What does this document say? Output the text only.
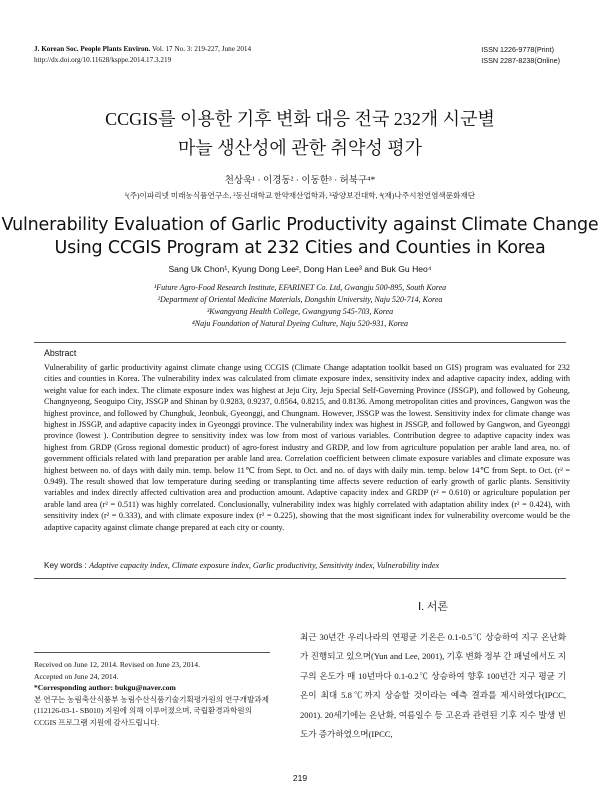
J. Korean Soc. People Plants Environ. Vol. 17 No. 3: 219-227, June 2014
http://dx.doi.org/10.11628/ksppe.2014.17.3.219
ISSN 1226-9778(Print)
ISSN 2287-8238(Online)
CCGIS를 이용한 기후 변화 대응 전국 232개 시군별
마늘 생산성에 관한 취약성 평가
천상욱¹ · 이경동² · 이동한³ · 허북구⁴*
¹(주)이파리넷 미래농식품연구소, ²동신대학교 한약재산업학과, ³광양보건대학, ⁴(재)나주시천연염색문화재단
Vulnerability Evaluation of Garlic Productivity against Climate Change
Using CCGIS Program at 232 Cities and Counties in Korea
Sang Uk Chon¹, Kyung Dong Lee², Dong Han Lee³ and Buk Gu Heo⁴
¹Future Agro-Food Research Institute, EFARINET Co. Ltd, Gwangju 500-895, South Korea
²Department of Oriental Medicine Materials, Dongshin University, Naju 520-714, Korea
³Kwangyang Health College, Gwangyang 545-703, Korea
⁴Naju Foundation of Natural Dyeing Culture, Naju 520-931, Korea
Abstract
Vulnerability of garlic productivity against climate change using CCGIS (Climate Change adaptation toolkit based on GIS) program was evaluated for 232 cities and counties in Korea. The vulnerability index was calculated from climate exposure index, sensitivity index and adaptive capacity index, adding with weight value for each index. The climate exposure index was highest at Jeju City, Jeju Special Self-Governing Province (JSSGP), and followed by Goheung, Changnyeong, Seoguipo City, JSSGP and Shinan by 0.9283, 0.9237, 0.8564, 0.8215, and 0.8136. Among metropolitan cities and provinces, Gangwon was the highest province, and followed by Chungbuk, Jeonbuk, Gyeonggi, and Chungnam. However, JSSGP was the lowest. Sensitivity index for climate change was highest in JSSGP, and adaptive capacity index in Gyeonggi province. The vulnerability index was highest in JSSGP, and followed by Gangwon, and Gyeonggi province (lowest ). Contribution degree to sensitivity index was low from most of various variables. Contribution degree to adaptive capacity index was highest from GRDP (Gross regional domestic product) of agro-forest industry and GRDP, and low from agriculture population per arable land area, no. of government officials related with land preparation per arable land area. Correlation coefficient between climate exposure variables and climate exposure was highest between no. of days with daily min. temp. below 11℃ from Sept. to Oct. and no. of days with daily min. temp. below 14℃ from Sept. to Oct. (r² = 0.949). The result showed that low temperature during seeding or transplanting time affects severe reduction of early growth of garlic plants. Sensitivity variables and index directly affected cultivation area and production amount. Adaptive capacity index and GRDP (r² = 0.610) or agriculture population per arable land area (r² = 0.511) was highly correlated. Conclusionally, vulnerability index was highly correlated with adaptation ability index (r² = 0.424), with sensitivity index (r² = 0.333), and with climate exposure index (r² = 0.225), showing that the most significant index for vulnerability overcome would be the adaptive capacity against climate change prepared at each city or county.
Key words : Adaptive capacity index, Climate exposure index, Garlic productivity, Sensitivity index, Vulnerability index
Received on June 12, 2014. Revised on June 23, 2014.
Accepted on June 24, 2014.
*Corresponding author: bukgu@naver.com
본 연구는 농림축산식품부 농림수산식품기술기획평가원의 연구개발과제(112126-03-1- SB010) 지원에 의해 이루어졌으며, 국립환경과학원의 CCGIS 프로그램 지원에 감사드립니다.
Ⅰ. 서론
최근 30년간 우리나라의 연평균 기온은 0.1-0.5℃ 상승하여 지구 온난화가 진행되고 있으며(Yun and Lee, 2001), 기후 변화 정부 간 패널에서도 지구의 온도가 매 10년마다 0.1-0.2℃ 상승하여 향후 100년간 지구 평균 기온이 최대 5.8℃까지 상승할 것이라는 예측 결과를 제시하였다(IPCC, 2001). 20세기에는 온난화, 여름일수 등 고온과 관련된 기후 지수 발생 빈도가 증가하였으며(IPCC,
219
